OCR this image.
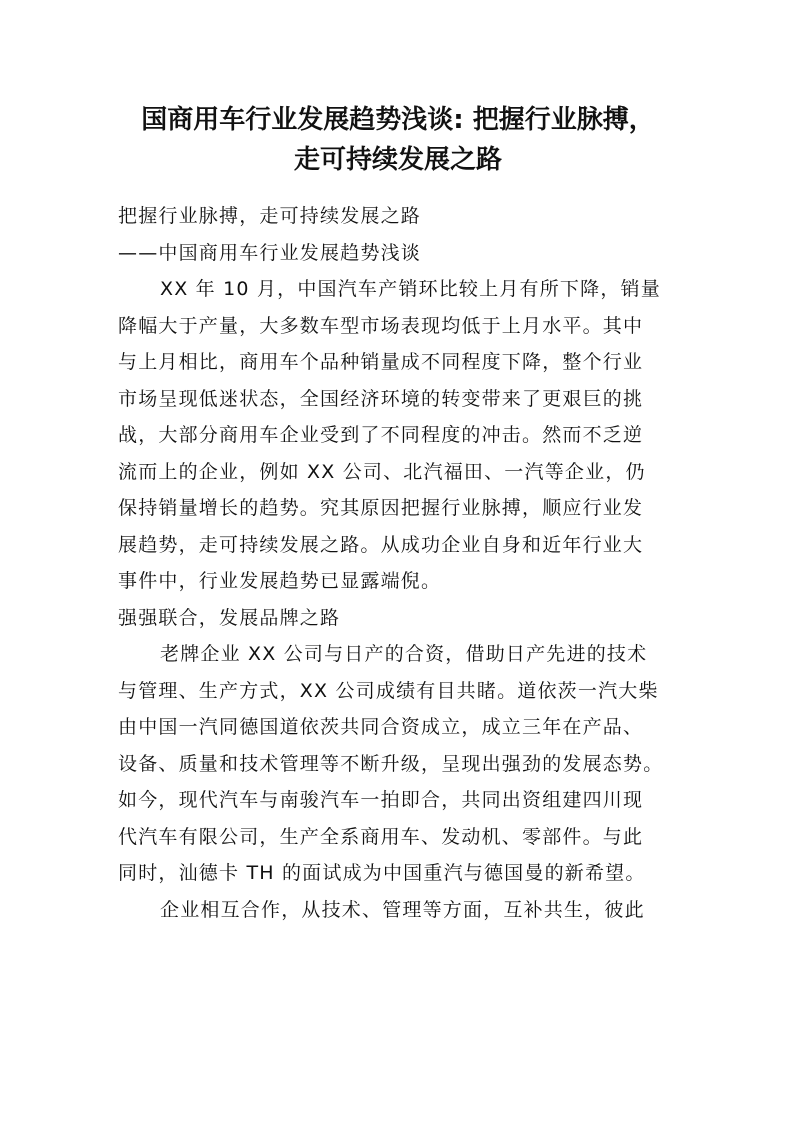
国商用车行业发展趋势浅谈: 把握行业脉搏，
走可持续发展之路
把握行业脉搏，走可持续发展之路
——中国商用车行业发展趋势浅谈
XX 年 10 月，中国汽车产销环比较上月有所下降，销量
降幅大于产量，大多数车型市场表现均低于上月水平。其中
与上月相比，商用车个品种销量成不同程度下降，整个行业
市场呈现低迷状态，全国经济环境的转变带来了更艰巨的挑
战，大部分商用车企业受到了不同程度的冲击。然而不乏逆
流而上的企业，例如 XX 公司、北汽福田、一汽等企业，仍
保持销量增长的趋势。究其原因把握行业脉搏，顺应行业发
展趋势，走可持续发展之路。从成功企业自身和近年行业大
事件中，行业发展趋势已显露端倪。
强强联合，发展品牌之路
老牌企业 XX 公司与日产的合资，借助日产先进的技术
与管理、生产方式，XX 公司成绩有目共睹。道依茨一汽大柴
由中国一汽同德国道依茨共同合资成立，成立三年在产品、
设备、质量和技术管理等不断升级，呈现出强劲的发展态势。
如今，现代汽车与南骏汽车一拍即合，共同出资组建四川现
代汽车有限公司，生产全系商用车、发动机、零部件。与此
同时，汕德卡 TH 的面试成为中国重汽与德国曼的新希望。
企业相互合作，从技术、管理等方面，互补共生，彼此
